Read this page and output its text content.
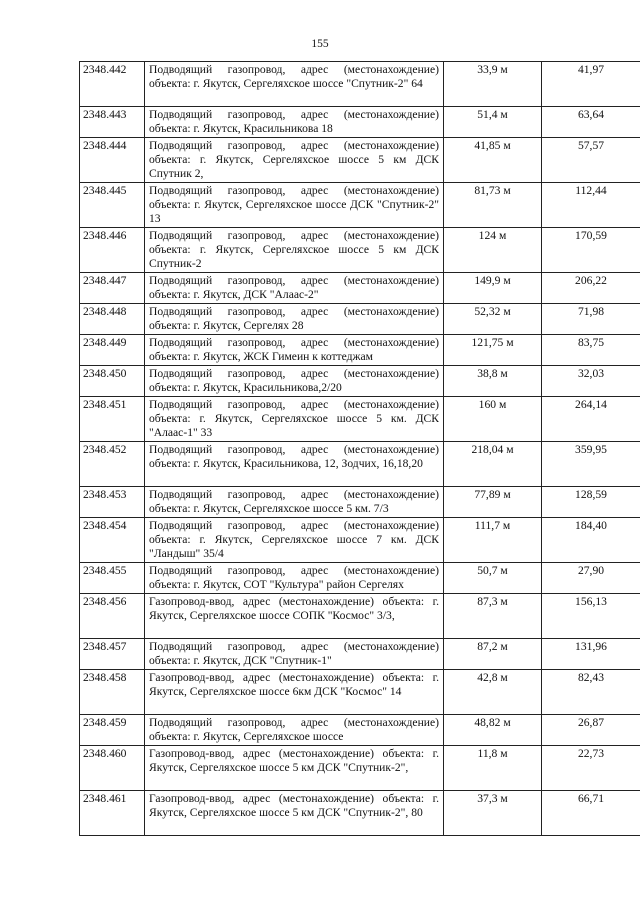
155
2348.442	Подводящий газопровод, адрес (местонахождение) объекта: г. Якутск, Сергеляхское шоссе "Спутник-2" 64	33,9 м	41,97
2348.443	Подводящий газопровод, адрес (местонахождение) объекта: г. Якутск, Красильникова 18	51,4 м	63,64
2348.444	Подводящий газопровод, адрес (местонахождение) объекта: г. Якутск, Сергеляхское шоссе 5 км ДСК Спутник 2,	41,85 м	57,57
2348.445	Подводящий газопровод, адрес (местонахождение) объекта: г. Якутск, Сергеляхское шоссе ДСК "Спутник-2" 13	81,73 м	112,44
2348.446	Подводящий газопровод, адрес (местонахождение) объекта: г. Якутск, Сергеляхское шоссе 5 км ДСК Спутник-2	124 м	170,59
2348.447	Подводящий газопровод, адрес (местонахождение) объекта: г. Якутск, ДСК "Алаас-2"	149,9 м	206,22
2348.448	Подводящий газопровод, адрес (местонахождение) объекта: г. Якутск, Сергелях 28	52,32 м	71,98
2348.449	Подводящий газопровод, адрес (местонахождение) объекта: г. Якутск, ЖСК Гимеин к коттеджам	121,75 м	83,75
2348.450	Подводящий газопровод, адрес (местонахождение) объекта: г. Якутск, Красильникова,2/20	38,8 м	32,03
2348.451	Подводящий газопровод, адрес (местонахождение) объекта: г. Якутск, Сергеляхское шоссе 5 км. ДСК "Алаас-1" 33	160 м	264,14
2348.452	Подводящий газопровод, адрес (местонахождение) объекта: г. Якутск, Красильникова, 12, Зодчих, 16,18,20	218,04 м	359,95
2348.453	Подводящий газопровод, адрес (местонахождение) объекта: г. Якутск, Сергеляхское шоссе 5 км. 7/3	77,89 м	128,59
2348.454	Подводящий газопровод, адрес (местонахождение) объекта: г. Якутск, Сергеляхское шоссе 7 км. ДСК "Ландыш" 35/4	111,7 м	184,40
2348.455	Подводящий газопровод, адрес (местонахождение) объекта: г. Якутск, СОТ "Культура" район Сергелях	50,7 м	27,90
2348.456	Газопровод-ввод, адрес (местонахождение) объекта: г. Якутск, Сергеляхское шоссе СОПК "Космос" 3/3,	87,3 м	156,13
2348.457	Подводящий газопровод, адрес (местонахождение) объекта: г. Якутск, ДСК "Спутник-1"	87,2 м	131,96
2348.458	Газопровод-ввод, адрес (местонахождение) объекта: г. Якутск, Сергеляхское шоссе 6км ДСК "Космос" 14	42,8 м	82,43
2348.459	Подводящий газопровод, адрес (местонахождение) объекта: г. Якутск, Сергеляхское шоссе	48,82 м	26,87
2348.460	Газопровод-ввод, адрес (местонахождение) объекта: г. Якутск, Сергеляхское шоссе 5 км ДСК "Спутник-2",	11,8 м	22,73
2348.461	Газопровод-ввод, адрес (местонахождение) объекта: г. Якутск, Сергеляхское шоссе 5 км ДСК "Спутник-2", 80	37,3 м	66,71
